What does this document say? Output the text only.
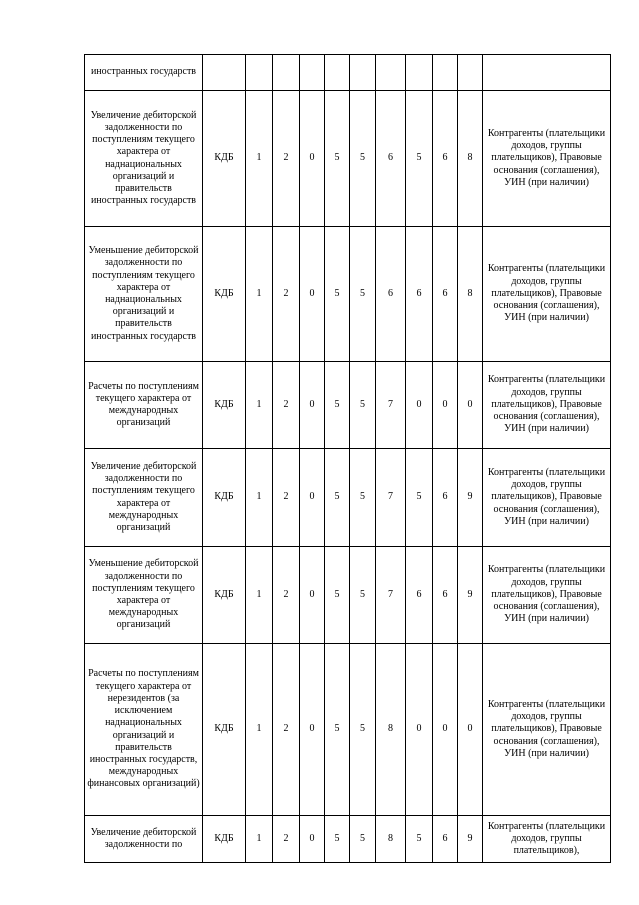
иностранных государств											
Увеличение дебиторской задолженности по поступлениям текущего характера от наднациональных организаций и правительств иностранных государств	КДБ	1	2	0	5	5	6	5	6	8	Контрагенты (плательщики доходов, группы плательщиков), Правовые основания (соглашения), УИН (при наличии)
Уменьшение дебиторской задолженности по поступлениям текущего характера от наднациональных организаций и правительств иностранных государств	КДБ	1	2	0	5	5	6	6	6	8	Контрагенты (плательщики доходов, группы плательщиков), Правовые основания (соглашения), УИН (при наличии)
Расчеты по поступлениям текущего характера от международных организаций	КДБ	1	2	0	5	5	7	0	0	0	Контрагенты (плательщики доходов, группы плательщиков), Правовые основания (соглашения), УИН (при наличии)
Увеличение дебиторской задолженности по поступлениям текущего характера от международных организаций	КДБ	1	2	0	5	5	7	5	6	9	Контрагенты (плательщики доходов, группы плательщиков), Правовые основания (соглашения), УИН (при наличии)
Уменьшение дебиторской задолженности по поступлениям текущего характера от международных организаций	КДБ	1	2	0	5	5	7	6	6	9	Контрагенты (плательщики доходов, группы плательщиков), Правовые основания (соглашения), УИН (при наличии)
Расчеты по поступлениям текущего характера от нерезидентов (за исключением наднациональных организаций и правительств иностранных государств, международных финансовых организаций)	КДБ	1	2	0	5	5	8	0	0	0	Контрагенты (плательщики доходов, группы плательщиков), Правовые основания (соглашения), УИН (при наличии)
Увеличение дебиторской задолженности по	КДБ	1	2	0	5	5	8	5	6	9	Контрагенты (плательщики доходов, группы плательщиков),
